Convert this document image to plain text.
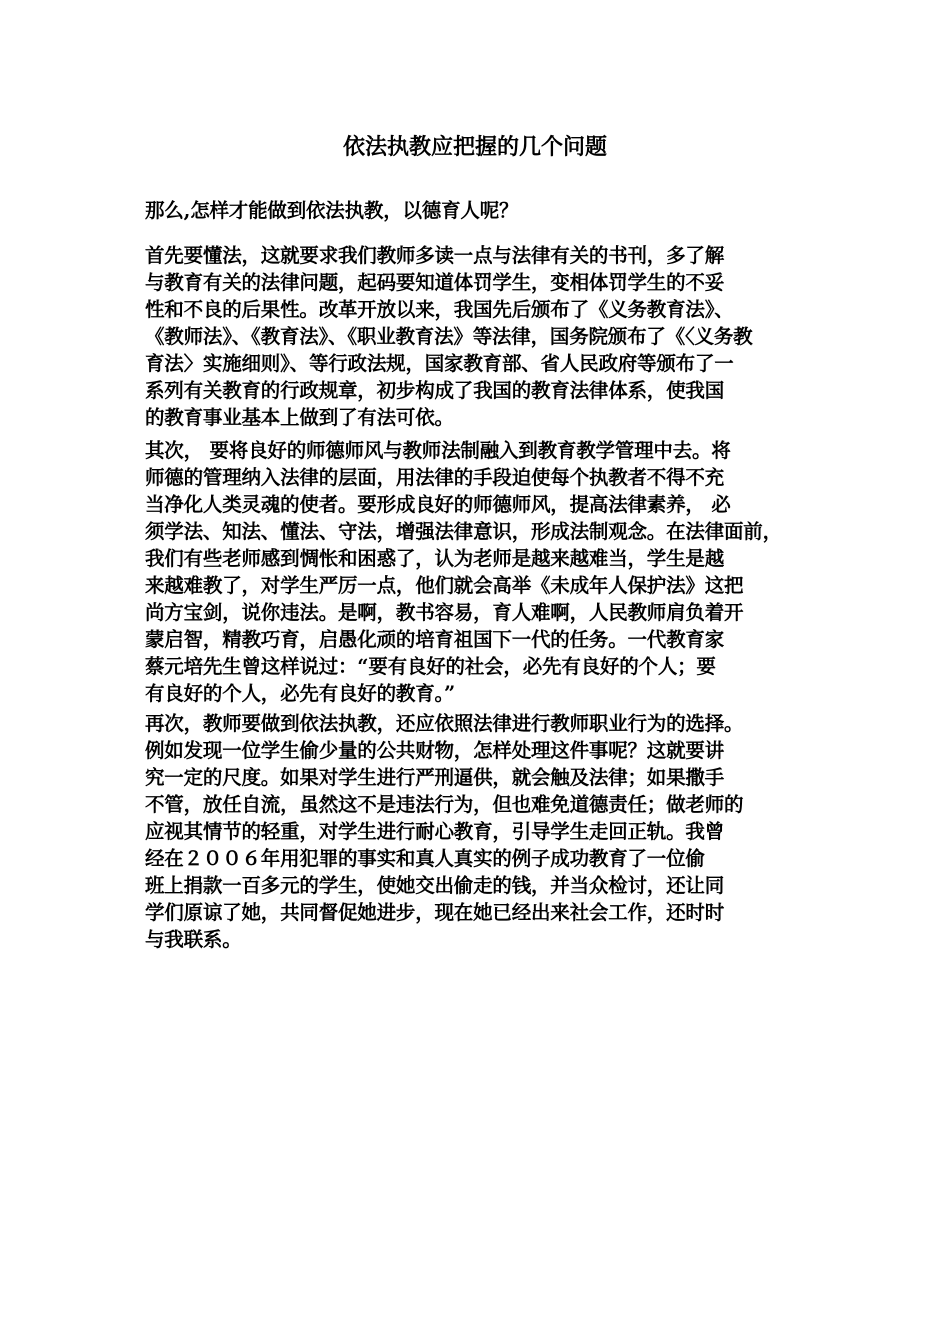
依法执教应把握的几个问题
那么,怎样才能做到依法执教，以德育人呢？
首先要懂法，这就要求我们教师多读一点与法律有关的书刊，多了解
与教育有关的法律问题，起码要知道体罚学生，变相体罚学生的不妥
性和不良的后果性。改革开放以来，我国先后颁布了《义务教育法》、
《教师法》、《教育法》、《职业教育法》等法律，国务院颁布了《〈义务教
育法〉实施细则》、等行政法规，国家教育部、省人民政府等颁布了一
系列有关教育的行政规章，初步构成了我国的教育法律体系，使我国
的教育事业基本上做到了有法可依。
其次， 要将良好的师德师风与教师法制融入到教育教学管理中去。将
师德的管理纳入法律的层面，用法律的手段迫使每个执教者不得不充
当净化人类灵魂的使者。要形成良好的师德师风，提高法律素养， 必
须学法、知法、懂法、守法，增强法律意识，形成法制观念。在法律面前，
我们有些老师感到惆怅和困惑了，认为老师是越来越难当，学生是越
来越难教了，对学生严厉一点，他们就会高举《未成年人保护法》这把
尚方宝剑，说你违法。是啊，教书容易，育人难啊，人民教师肩负着开
蒙启智，精教巧育，启愚化顽的培育祖国下一代的任务。一代教育家
蔡元培先生曾这样说过：“要有良好的社会，必先有良好的个人；要
有良好的个人，必先有良好的教育。”
再次，教师要做到依法执教，还应依照法律进行教师职业行为的选择。
例如发现一位学生偷少量的公共财物，怎样处理这件事呢？这就要讲
究一定的尺度。如果对学生进行严刑逼供，就会触及法律；如果撒手
不管，放任自流，虽然这不是违法行为，但也难免道德责任；做老师的
应视其情节的轻重，对学生进行耐心教育，引导学生走回正轨。我曾
经在２００６年用犯罪的事实和真人真实的例子成功教育了一位偷
班上捐款一百多元的学生，使她交出偷走的钱，并当众检讨，还让同
学们原谅了她，共同督促她进步，现在她已经出来社会工作，还时时
与我联系。
